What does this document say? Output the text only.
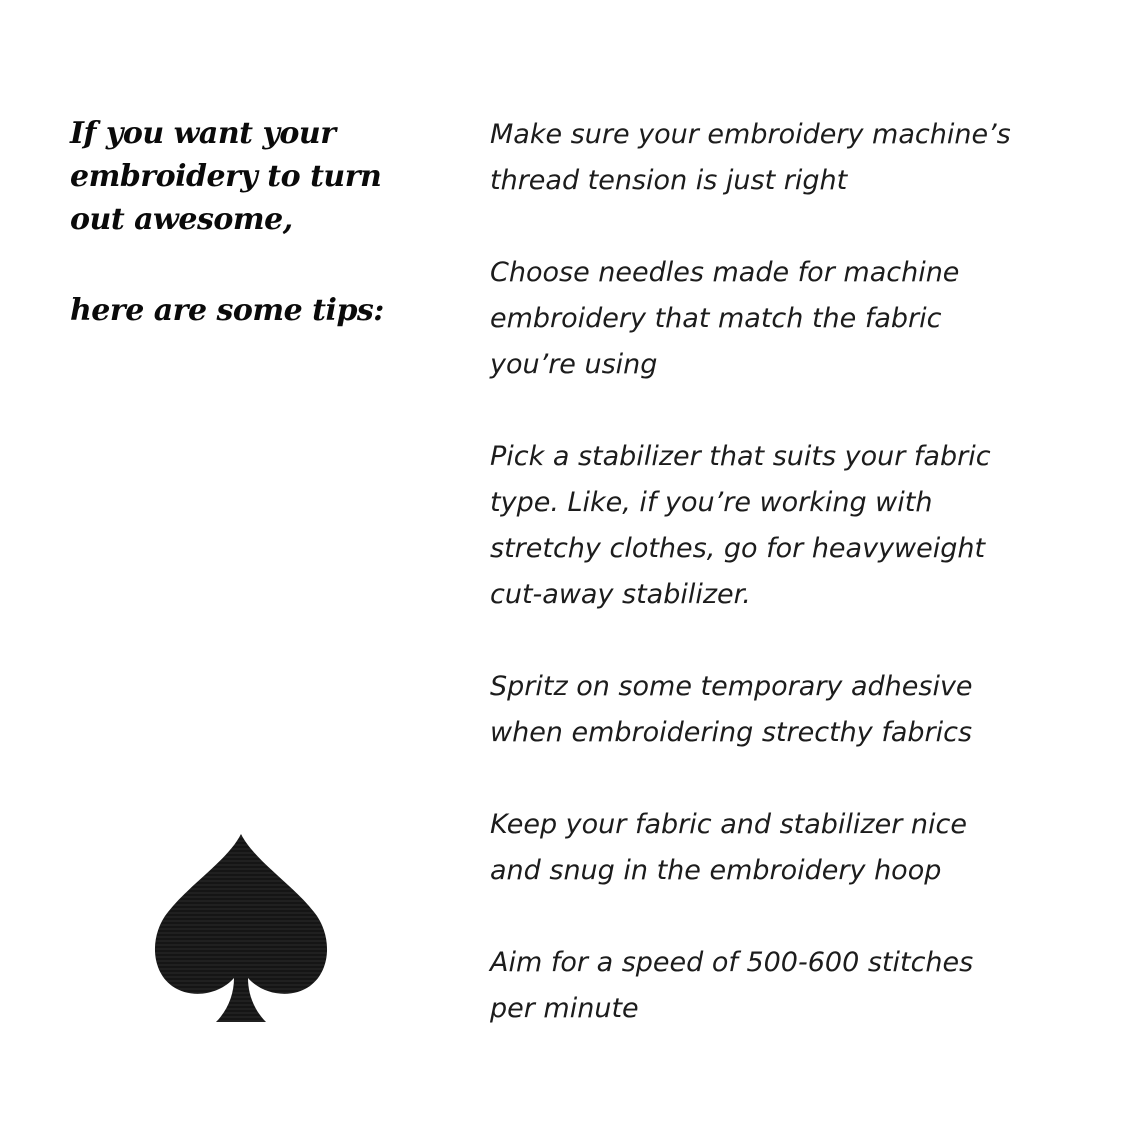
If you want your
embroidery to turn
out awesome,
here are some tips:

Make sure your embroidery machine’s
thread tension is just right

Choose needles made for machine
embroidery that match the fabric
you’re using

Pick a stabilizer that suits your fabric
type. Like, if you’re working with
stretchy clothes, go for heavyweight
cut-away stabilizer.

Spritz on some temporary adhesive
when embroidering strecthy fabrics

Keep your fabric and stabilizer nice
and snug in the embroidery hoop

Aim for a speed of 500-600 stitches
per minute
